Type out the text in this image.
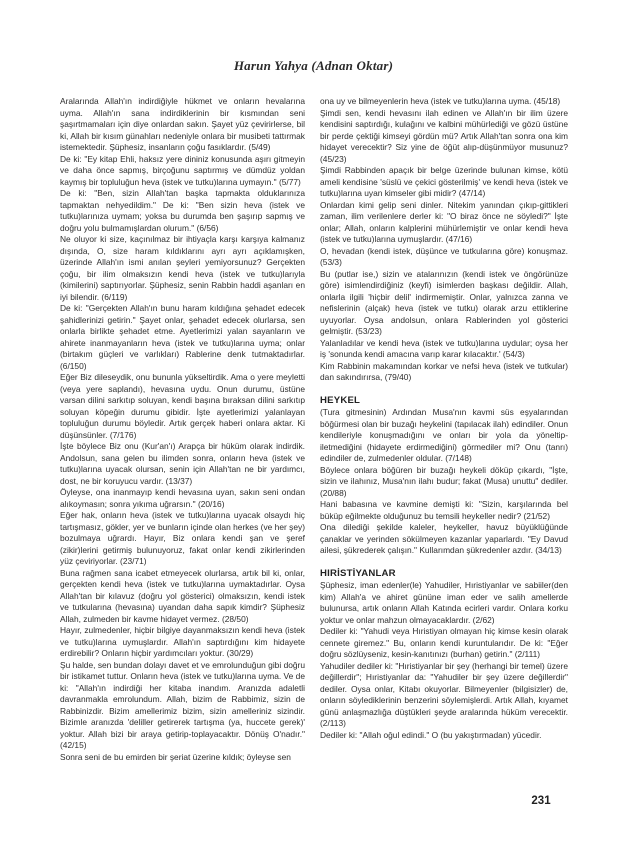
Harun Yahya (Adnan Oktar)

Aralarında Allah'ın indirdiğiyle hükmet ve onların hevalarına uyma. Allah'ın sana indirdiklerinin bir kısmından seni şaşırtmamaları için diye onlardan sakın. Şayet yüz çevirirlerse, bil ki, Allah bir kısım günahları nedeniyle onlara bir musibeti tattırmak istemektedir. Şüphesiz, insanların çoğu fasıklardır. (5/49)

De ki: "Ey kitap Ehli, haksız yere dininiz konusunda aşırı gitmeyin ve daha önce sapmış, birçoğunu saptırmış ve dümdüz yoldan kaymış bir topluluğun heva (istek ve tutku)larına uymayın." (5/77)

De ki: "Ben, sizin Allah'tan başka tapmakta olduklarınıza tapmaktan nehyedildim." De ki: "Ben sizin heva (istek ve tutku)larınıza uymam; yoksa bu durumda ben şaşırıp sapmış ve doğru yolu bulmamışlardan olurum." (6/56)

Ne oluyor ki size, kaçınılmaz bir ihtiyaçla karşı karşıya kalmanız dışında, O, size haram kıldıklarını ayrı ayrı açıklamışken, üzerinde Allah'ın ismi anılan şeyleri yemiyorsunuz? Gerçekten çoğu, bir ilim olmaksızın kendi heva (istek ve tutku)larıyla (kimilerini) saptırıyorlar. Şüphesiz, senin Rabbin haddi aşanları en iyi bilendir. (6/119)

De ki: "Gerçekten Allah'ın bunu haram kıldığına şehadet edecek şahidlerinizi getirin." Şayet onlar, şehadet edecek olurlarsa, sen onlarla birlikte şehadet etme. Ayetlerimizi yalan sayanların ve ahirete inanmayanların heva (istek ve tutku)larına uyma; onlar (birtakım güçleri ve varlıkları) Rablerine denk tutmaktadırlar. (6/150)

Eğer Biz dileseydik, onu bununla yükseltirdik. Ama o yere meyletti (veya yere saplandı), hevasına uydu. Onun durumu, üstüne varsan dilini sarkıtıp soluyan, kendi başına bıraksan dilini sarkıtıp soluyan köpeğin durumu gibidir. İşte ayetlerimizi yalanlayan topluluğun durumu böyledir. Artık gerçek haberi onlara aktar. Ki düşünsünler. (7/176)

İşte böylece Biz onu (Kur'an'ı) Arapça bir hüküm olarak indirdik. Andolsun, sana gelen bu ilimden sonra, onların heva (istek ve tutku)larına uyacak olursan, senin için Allah'tan ne bir yardımcı, dost, ne bir koruyucu vardır. (13/37)

Öyleyse, ona inanmayıp kendi hevasına uyan, sakın seni ondan alıkoymasın; sonra yıkıma uğrarsın." (20/16)

Eğer hak, onların heva (istek ve tutku)larına uyacak olsaydı hiç tartışmasız, gökler, yer ve bunların içinde olan herkes (ve her şey) bozulmaya uğrardı. Hayır, Biz onlara kendi şan ve şeref (zikir)lerini getirmiş bulunuyoruz, fakat onlar kendi zikirlerinden yüz çeviriyorlar. (23/71)

Buna rağmen sana icabet etmeyecek olurlarsa, artık bil ki, onlar, gerçekten kendi heva (istek ve tutku)larına uymaktadırlar. Oysa Allah'tan bir kılavuz (doğru yol gösterici) olmaksızın, kendi istek ve tutkularına (hevasına) uyandan daha sapık kimdir? Şüphesiz Allah, zulmeden bir kavme hidayet vermez. (28/50)

Hayır, zulmedenler, hiçbir bilgiye dayanmaksızın kendi heva (istek ve tutku)larına uymuşlardır. Allah'ın saptırdığını kim hidayete erdirebilir? Onların hiçbir yardımcıları yoktur. (30/29)

Şu halde, sen bundan dolayı davet et ve emrolunduğun gibi doğru bir istikamet tuttur. Onların heva (istek ve tutku)larına uyma. Ve de ki: "Allah'ın indirdiği her kitaba inandım. Aranızda adaletli davranmakla emrolundum. Allah, bizim de Rabbimiz, sizin de Rabbinizdir. Bizim amellerimiz bizim, sizin amelleriniz sizindir. Bizimle aranızda 'deliller getirerek tartışma (ya, huccete gerek)' yoktur. Allah bizi bir araya getirip-toplayacaktır. Dönüş O'nadır." (42/15)

Sonra seni de bu emirden bir şeriat üzerine kıldık; öyleyse sen

ona uy ve bilmeyenlerin heva (istek ve tutku)larına uyma. (45/18)

Şimdi sen, kendi hevasını ilah edinen ve Allah'ın bir ilim üzere kendisini saptırdığı, kulağını ve kalbini mühürlediği ve gözü üstüne bir perde çektiği kimseyi gördün mü? Artık Allah'tan sonra ona kim hidayet verecektir? Siz yine de öğüt alıp-düşünmüyor musunuz? (45/23)

Şimdi Rabbinden apaçık bir belge üzerinde bulunan kimse, kötü ameli kendisine 'süslü ve çekici gösterilmiş' ve kendi heva (istek ve tutku)larına uyan kimseler gibi midir? (47/14)

Onlardan kimi gelip seni dinler. Nitekim yanından çıkıp-gittikleri zaman, ilim verilenlere derler ki: "O biraz önce ne söyledi?" İşte onlar; Allah, onların kalplerini mühürlemiştir ve onlar kendi heva (istek ve tutku)larına uymuşlardır. (47/16)

O, hevadan (kendi istek, düşünce ve tutkularına göre) konuşmaz. (53/3)

Bu (putlar ise,) sizin ve atalarınızın (kendi istek ve öngörünüze göre) isimlendirdiğiniz (keyfi) isimlerden başkası değildir. Allah, onlarla ilgili 'hiçbir delil' indirmemiştir. Onlar, yalnızca zanna ve nefislerinin (alçak) heva (istek ve tutku) olarak arzu ettiklerine uyuyorlar. Oysa andolsun, onlara Rablerinden yol gösterici gelmiştir. (53/23)

Yalanladılar ve kendi heva (istek ve tutku)larına uydular; oysa her iş 'sonunda kendi amacına varıp karar kılacaktır.' (54/3)

Kim Rabbinin makamından korkar ve nefsi heva (istek ve tutkular) dan sakındırırsa, (79/40)

HEYKEL

(Tura gitmesinin) Ardından Musa'nın kavmi süs eşyalarından böğürmesi olan bir buzağı heykelini (tapılacak ilah) edindiler. Onun kendileriyle konuşmadığını ve onları bir yola da yöneltip-iletmediğini (hidayete erdirmediğini) görmediler mi? Onu (tanrı) edindiler de, zulmedenler oldular. (7/148)

Böylece onlara böğüren bir buzağı heykeli döküp çıkardı, "İşte, sizin ve ilahınız, Musa'nın ilahı budur; fakat (Musa) unuttu" dediler. (20/88)

Hani babasına ve kavmine demişti ki: "Sizin, karşılarında bel büküp eğilmekte olduğunuz bu temsili heykeller nedir? (21/52)

Ona dilediği şekilde kaleler, heykeller, havuz büyüklüğünde çanaklar ve yerinden sökülmeyen kazanlar yaparlardı. "Ey Davud ailesi, şükrederek çalışın." Kullarımdan şükredenler azdır. (34/13)

HIRİSTİYANLAR

Şüphesiz, iman edenler(le) Yahudiler, Hıristiyanlar ve sabiiler(den kim) Allah'a ve ahiret gününe iman eder ve salih amellerde bulunursa, artık onların Allah Katında ecirleri vardır. Onlara korku yoktur ve onlar mahzun olmayacaklardır. (2/62)

Dediler ki: "Yahudi veya Hıristiyan olmayan hiç kimse kesin olarak cennete giremez." Bu, onların kendi kuruntularıdır. De ki: "Eğer doğru sözlüyseniz, kesin-kanıtınızı (burhan) getirin." (2/111)

Yahudiler dediler ki: "Hıristiyanlar bir şey (herhangi bir temel) üzere değillerdir"; Hıristiyanlar da: "Yahudiler bir şey üzere değillerdir" dediler. Oysa onlar, Kitabı okuyorlar. Bilmeyenler (bilgisizler) de, onların söylediklerinin benzerini söylemişlerdi. Artık Allah, kıyamet günü anlaşmazlığa düştükleri şeyde aralarında hüküm verecektir. (2/113)

Dediler ki: "Allah oğul edindi." O (bu yakıştırmadan) yücedir.

231
